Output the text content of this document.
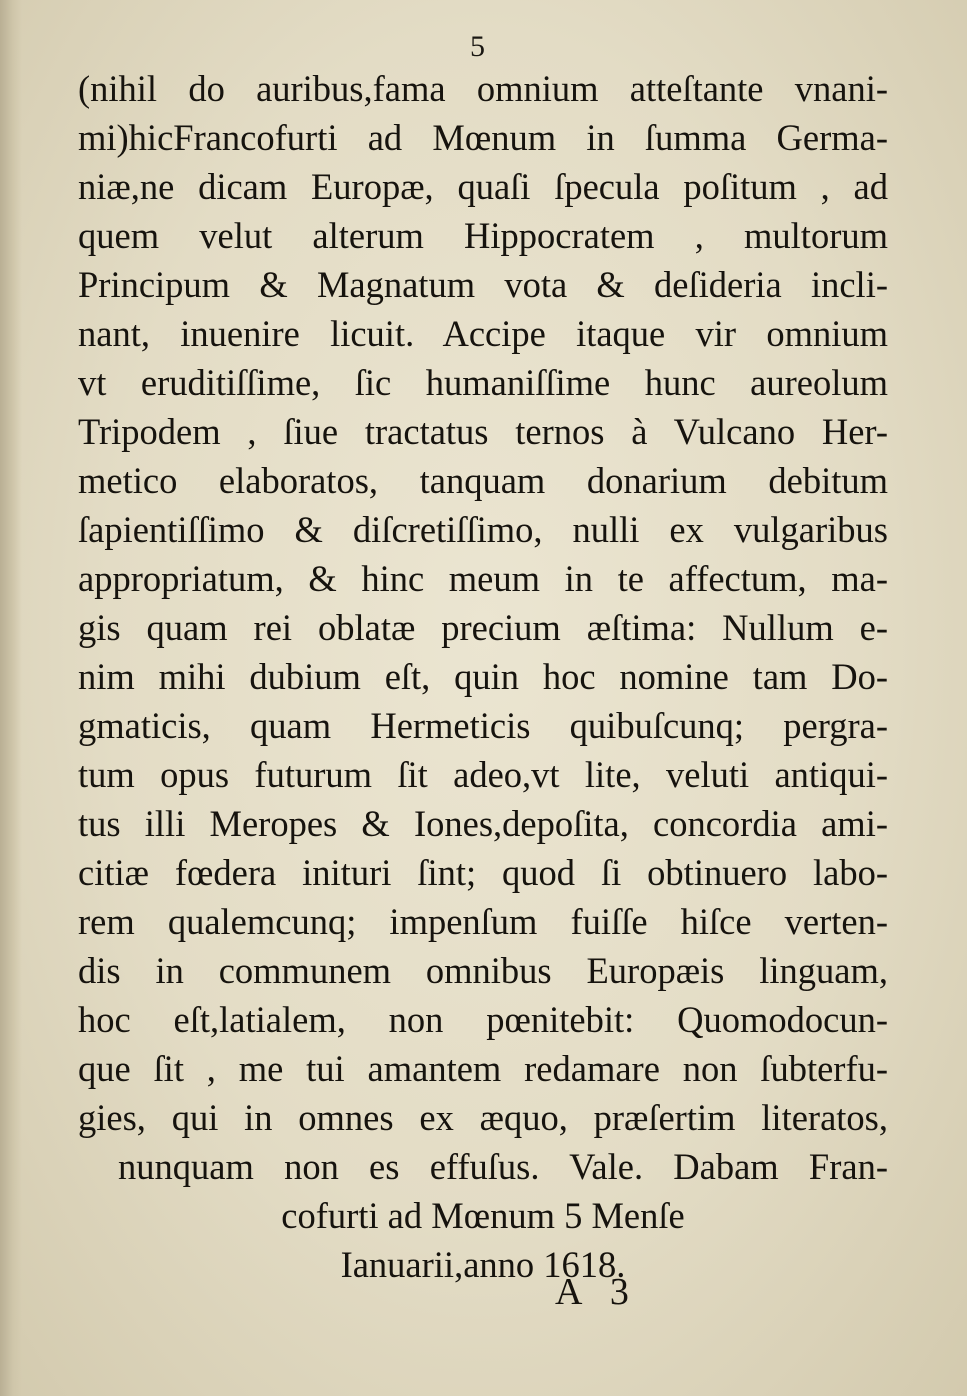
5
(nihil do auribus,fama omnium atteſtante vnani-
mi)hicFrancofurti ad Mœnum in ſumma Germa-
niæ,ne dicam Europæ, quaſi ſpecula poſitum , ad
quem velut alterum Hippocratem , multorum
Principum & Magnatum vota & deſideria incli-
nant, inuenire licuit. Accipe itaque vir omnium
vt eruditiſſime, ſic humaniſſime hunc aureolum
Tripodem , ſiue tractatus ternos à Vulcano Her-
metico elaboratos, tanquam donarium debitum
ſapientiſſimo & diſcretiſſimo, nulli ex vulgaribus
appropriatum, & hinc meum in te affectum, ma-
gis quam rei oblatæ precium æſtima: Nullum e-
nim mihi dubium eſt, quin hoc nomine tam Do-
gmaticis, quam Hermeticis quibuſcunq; pergra-
tum opus futurum ſit adeo,vt lite, veluti antiqui-
tus illi Meropes & Iones,depoſita, concordia ami-
citiæ fœdera inituri ſint; quod ſi obtinuero labo-
rem qualemcunq; impenſum fuiſſe hiſce verten-
dis in communem omnibus Europæis linguam,
hoc eſt,latialem, non pœnitebit: Quomodocun-
que ſit , me tui amantem redamare non ſubterfu-
gies, qui in omnes ex æquo, præſertim literatos,
nunquam non es effuſus. Vale. Dabam Fran-
cofurti ad Mœnum 5 Menſe
Ianuarii,anno 1618.
A 3
